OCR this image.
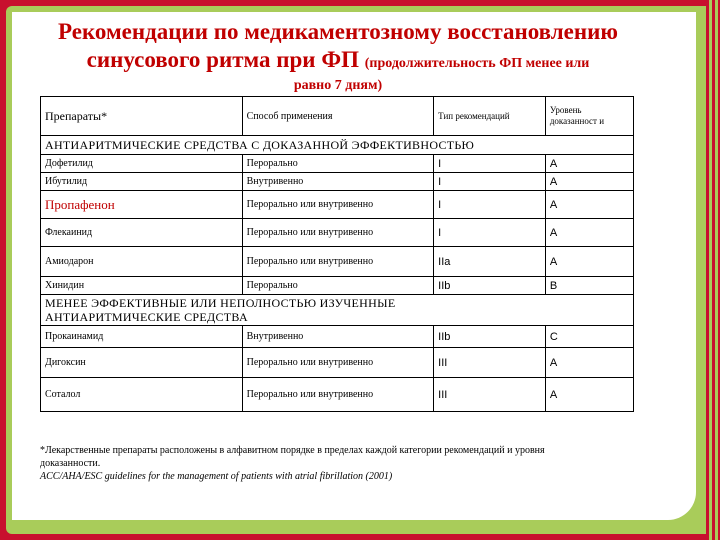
Рекомендации по медикаментозному восстановлению
синусового ритма при ФП (продолжительность ФП менее или
равно 7 дням)
Препараты*	Способ применения	Тип рекомендаций	Уровень доказанност и
АНТИАРИТМИЧЕСКИЕ СРЕДСТВА С ДОКАЗАННОЙ ЭФФЕКТИВНОСТЬЮ			
Дофетилид	Перорально	I	A
Ибутилид	Внутривенно	I	A
Пропафенон	Перорально или внутривенно	I	A
Флекаинид	Перорально или внутривенно	I	A
Амиодарон	Перорально или внутривенно	IIa	A
Хинидин	Перорально	IIb	B

МЕНЕЕ ЭФФЕКТИВНЫЕ ИЛИ НЕПОЛНОСТЬЮ ИЗУЧЕННЫЕ
АНТИАРИТМИЧЕСКИЕ СРЕДСТВА			

Прокаинамид	Внутривенно	IIb	C
Дигоксин	Перорально или внутривенно	III	A
Соталол	Перорально или внутривенно	III	A
*Лекарственные препараты расположены в алфавитном порядке в пределах каждой категории рекомендаций и уровня
доказанности.
ACC/AHA/ESC guidelines for the management of patients with atrial fibrillation (2001)
